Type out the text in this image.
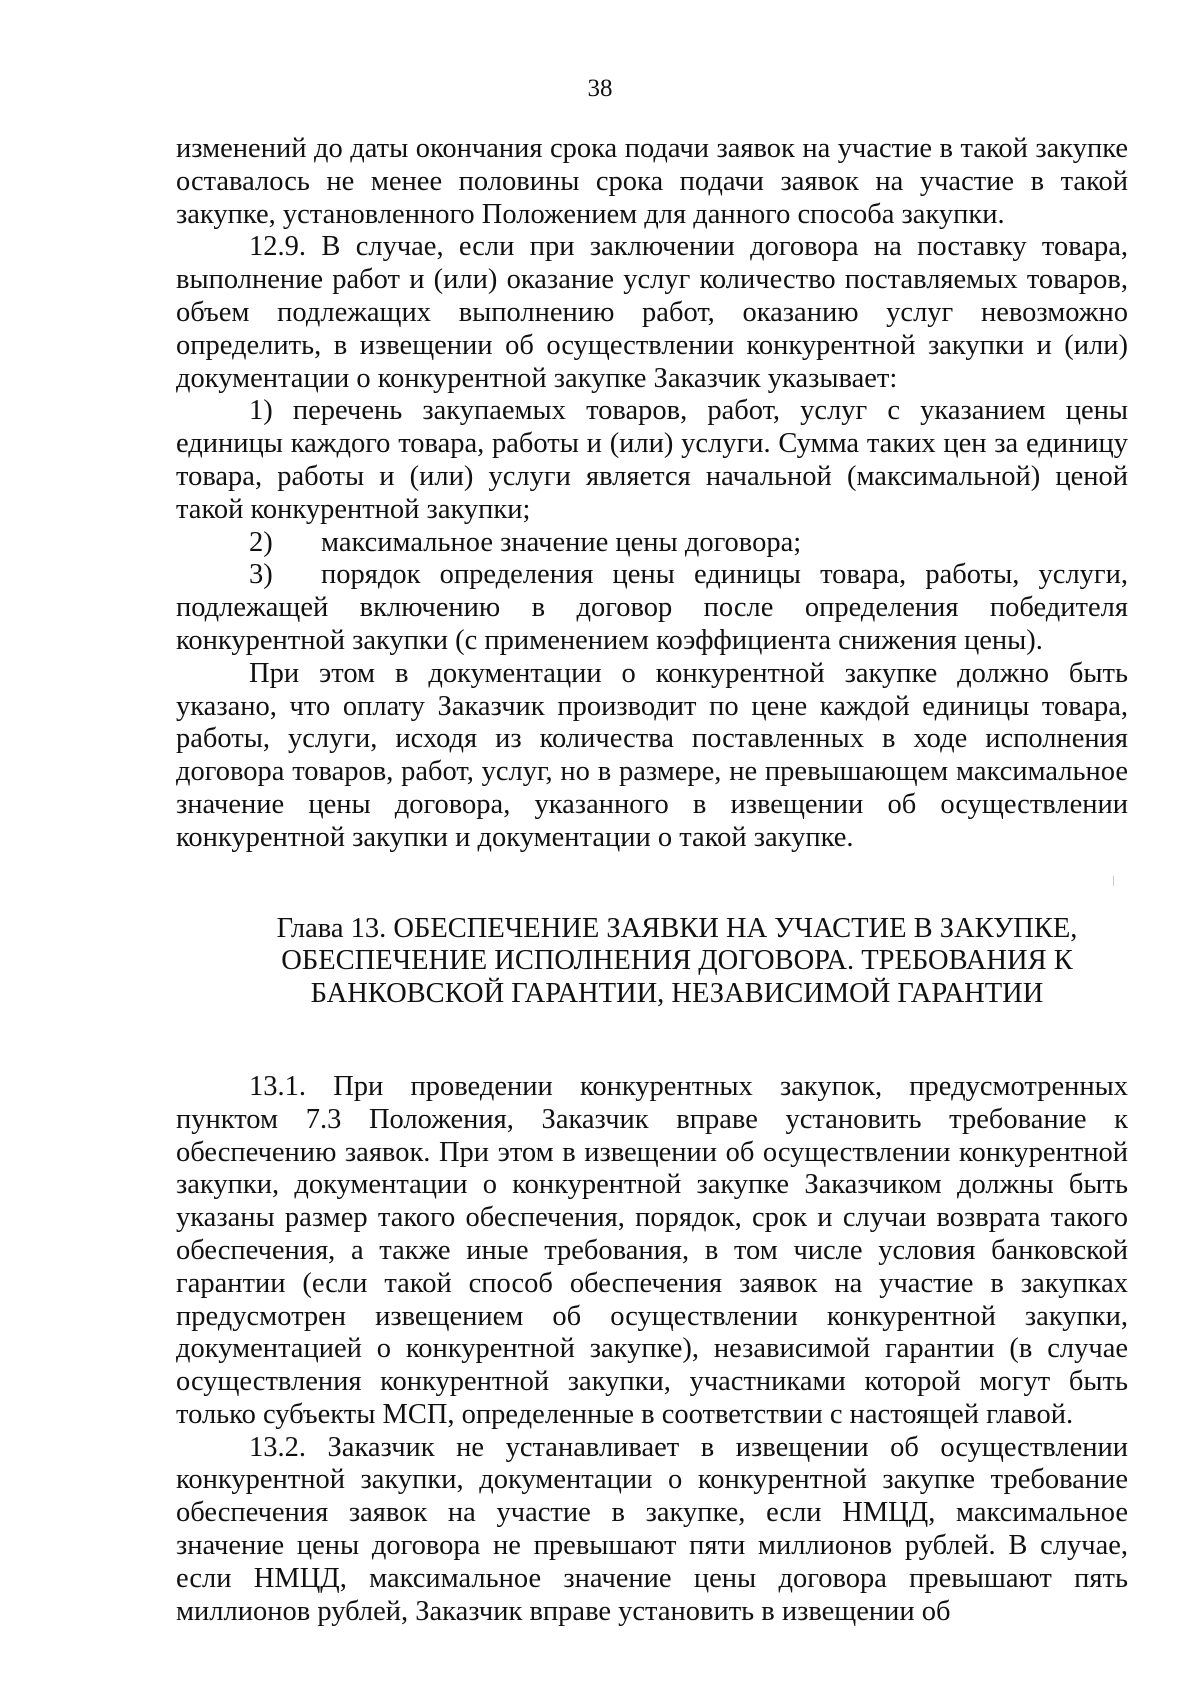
38

изменений до даты окончания срока подачи заявок на участие в такой закупке оставалось не менее половины срока подачи заявок на участие в такой закупке, установленного Положением для данного способа закупки.

12.9. В случае, если при заключении договора на поставку товара, выполнение работ и (или) оказание услуг количество поставляемых товаров, объем подлежащих выполнению работ, оказанию услуг невозможно определить, в извещении об осуществлении конкурентной закупки и (или) документации о конкурентной закупке Заказчик указывает:

1) перечень закупаемых товаров, работ, услуг с указанием цены единицы каждого товара, работы и (или) услуги. Сумма таких цен за единицу товара, работы и (или) услуги является начальной (максимальной) ценой такой конкурентной закупки;

2) максимальное значение цены договора;

3) порядок определения цены единицы товара, работы, услуги, подлежащей включению в договор после определения победителя конкурентной закупки (с применением коэффициента снижения цены).

При этом в документации о конкурентной закупке должно быть указано, что оплату Заказчик производит по цене каждой единицы товара, работы, услуги, исходя из количества поставленных в ходе исполнения договора товаров, работ, услуг, но в размере, не превышающем максимальное значение цены договора, указанного в извещении об осуществлении конкурентной закупки и документации о такой закупке.

Глава 13. ОБЕСПЕЧЕНИЕ ЗАЯВКИ НА УЧАСТИЕ В ЗАКУПКЕ,
ОБЕСПЕЧЕНИЕ ИСПОЛНЕНИЯ ДОГОВОРА. ТРЕБОВАНИЯ К
БАНКОВСКОЙ ГАРАНТИИ, НЕЗАВИСИМОЙ ГАРАНТИИ

13.1. При проведении конкурентных закупок, предусмотренных пунктом 7.3 Положения, Заказчик вправе установить требование к обеспечению заявок. При этом в извещении об осуществлении конкурентной закупки, документации о конкурентной закупке Заказчиком должны быть указаны размер такого обеспечения, порядок, срок и случаи возврата такого обеспечения, а также иные требования, в том числе условия банковской гарантии (если такой способ обеспечения заявок на участие в закупках предусмотрен извещением об осуществлении конкурентной закупки, документацией о конкурентной закупке), независимой гарантии (в случае осуществления конкурентной закупки, участниками которой могут быть только субъекты МСП, определенные в соответствии с настоящей главой.

13.2. Заказчик не устанавливает в извещении об осуществлении конкурентной закупки, документации о конкурентной закупке требование обеспечения заявок на участие в закупке, если НМЦД, максимальное значение цены договора не превышают пяти миллионов рублей. В случае, если НМЦД, максимальное значение цены договора превышают пять миллионов рублей, Заказчик вправе установить в извещении об
